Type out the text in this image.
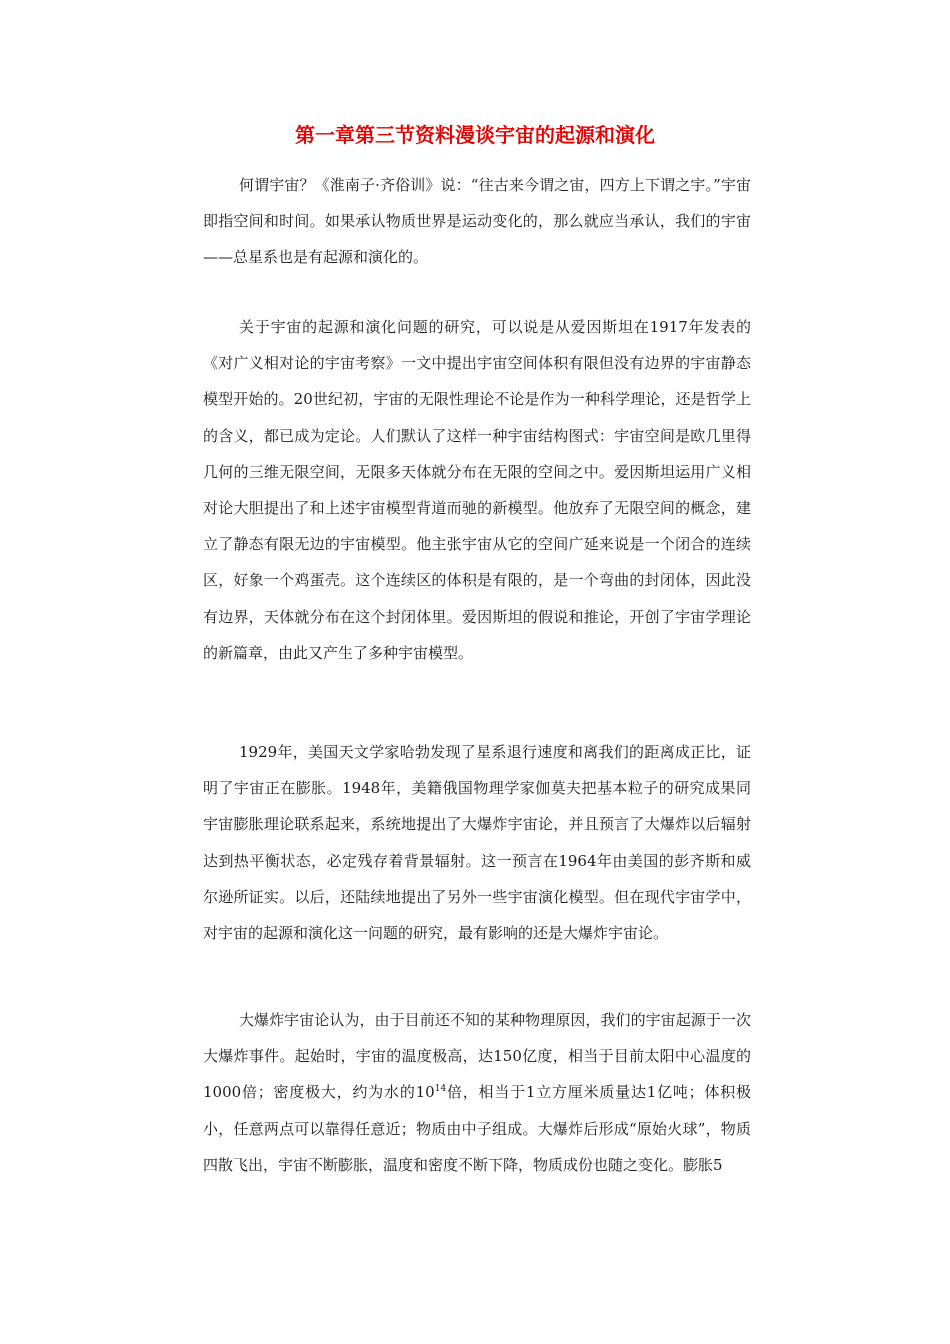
第一章第三节资料漫谈宇宙的起源和演化

何谓宇宙？《淮南子·齐俗训》说：“往古来今谓之宙，四方上下谓之宇。”宇宙即指空间和时间。如果承认物质世界是运动变化的，那么就应当承认，我们的宇宙——总星系也是有起源和演化的。

关于宇宙的起源和演化问题的研究，可以说是从爱因斯坦在1917年发表的《对广义相对论的宇宙考察》一文中提出宇宙空间体积有限但没有边界的宇宙静态模型开始的。20世纪初，宇宙的无限性理论不论是作为一种科学理论，还是哲学上的含义，都已成为定论。人们默认了这样一种宇宙结构图式：宇宙空间是欧几里得几何的三维无限空间，无限多天体就分布在无限的空间之中。爱因斯坦运用广义相对论大胆提出了和上述宇宙模型背道而驰的新模型。他放弃了无限空间的概念，建立了静态有限无边的宇宙模型。他主张宇宙从它的空间广延来说是一个闭合的连续区，好象一个鸡蛋壳。这个连续区的体积是有限的，是一个弯曲的封闭体，因此没有边界，天体就分布在这个封闭体里。爱因斯坦的假说和推论，开创了宇宙学理论的新篇章，由此又产生了多种宇宙模型。

1929年，美国天文学家哈勃发现了星系退行速度和离我们的距离成正比，证明了宇宙正在膨胀。1948年，美籍俄国物理学家伽莫夫把基本粒子的研究成果同宇宙膨胀理论联系起来，系统地提出了大爆炸宇宙论，并且预言了大爆炸以后辐射达到热平衡状态，必定残存着背景辐射。这一预言在1964年由美国的彭齐斯和威尔逊所证实。以后，还陆续地提出了另外一些宇宙演化模型。但在现代宇宙学中，对宇宙的起源和演化这一问题的研究，最有影响的还是大爆炸宇宙论。

大爆炸宇宙论认为，由于目前还不知的某种物理原因，我们的宇宙起源于一次大爆炸事件。起始时，宇宙的温度极高，达150亿度，相当于目前太阳中心温度的1000倍；密度极大，约为水的$10^{14}$倍，相当于1立方厘米质量达1亿吨；体积极小，任意两点可以靠得任意近；物质由中子组成。大爆炸后形成“原始火球”，物质四散飞出，宇宙不断膨胀，温度和密度不断下降，物质成份也随之变化。膨胀5
